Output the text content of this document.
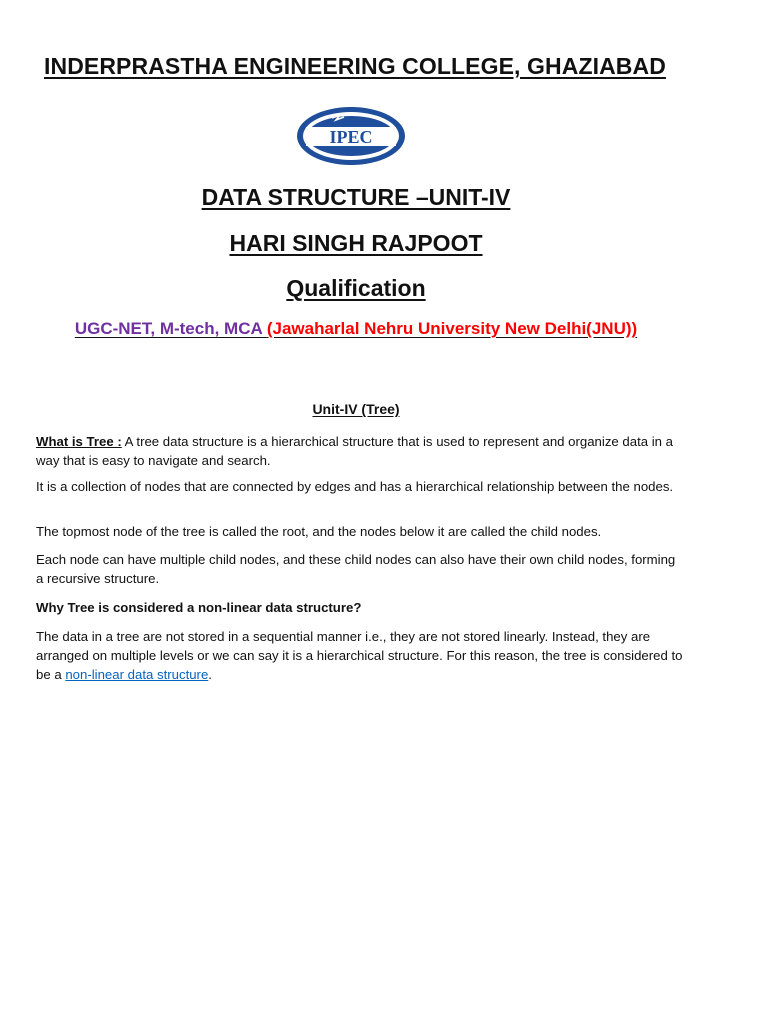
INDERPRASTHA ENGINEERING COLLEGE, GHAZIABAD
IPEC
DATA STRUCTURE –UNIT-IV
HARI SINGH RAJPOOT
Qualification
UGC-NET, M-tech, MCA (Jawaharlal Nehru University New Delhi(JNU))
Unit-IV (Tree)
What is Tree : A tree data structure is a hierarchical structure that is used to represent and organize data in a way that is easy to navigate and search.
It is a collection of nodes that are connected by edges and has a hierarchical relationship between the nodes.
The topmost node of the tree is called the root, and the nodes below it are called the child nodes.
Each node can have multiple child nodes, and these child nodes can also have their own child nodes, forming a recursive structure.
Why Tree is considered a non-linear data structure?
The data in a tree are not stored in a sequential manner i.e., they are not stored linearly. Instead, they are arranged on multiple levels or we can say it is a hierarchical structure. For this reason, the tree is considered to be a non-linear data structure.
